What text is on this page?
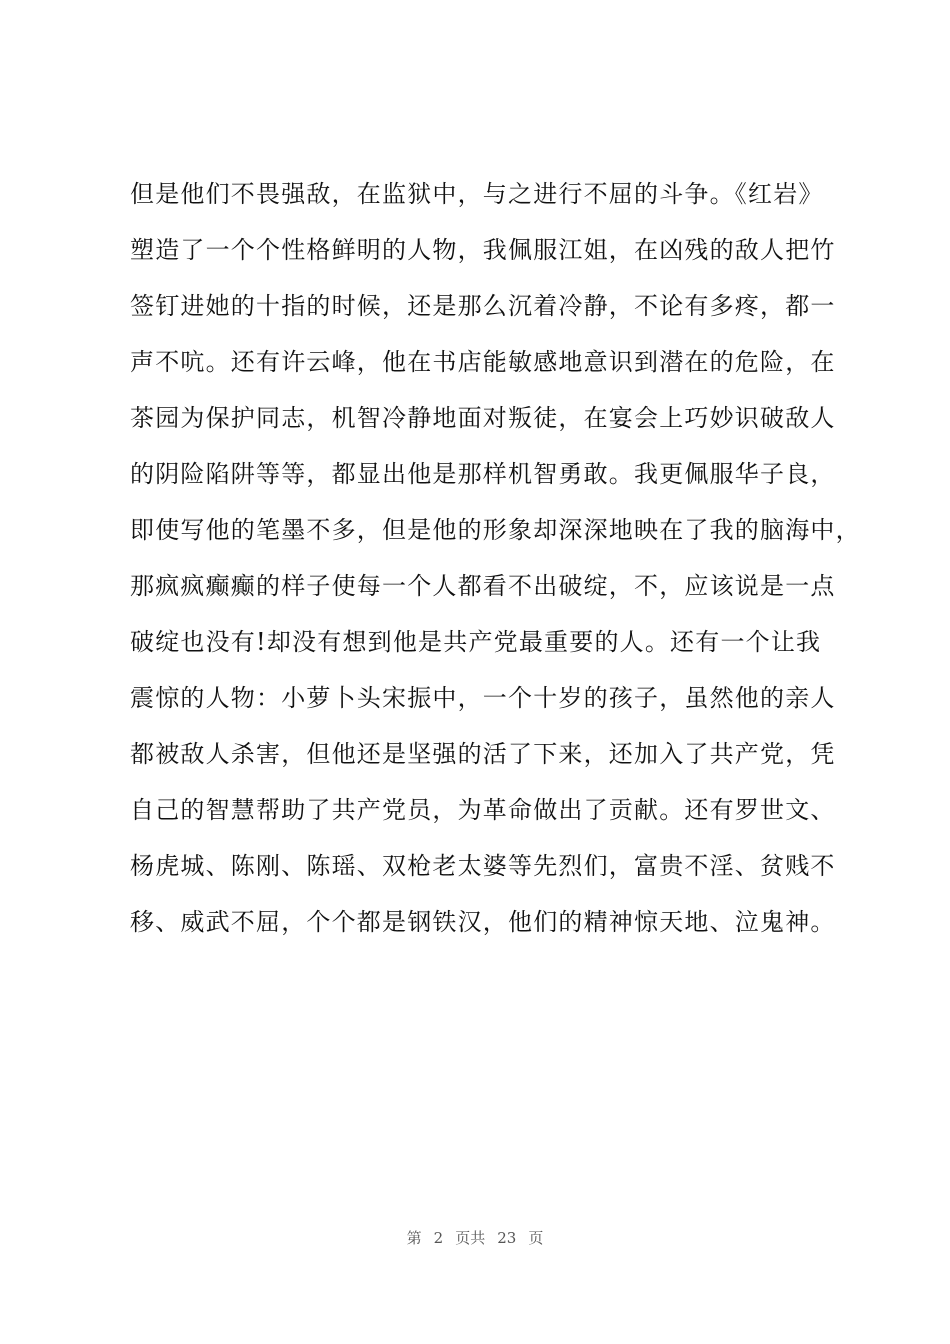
但是他们不畏强敌，在监狱中，与之进行不屈的斗争。《红岩》
塑造了一个个性格鲜明的人物，我佩服江姐，在凶残的敌人把竹
签钉进她的十指的时候，还是那么沉着冷静，不论有多疼，都一
声不吭。还有许云峰，他在书店能敏感地意识到潜在的危险，在
茶园为保护同志，机智冷静地面对叛徒，在宴会上巧妙识破敌人
的阴险陷阱等等，都显出他是那样机智勇敢。我更佩服华子良，
即使写他的笔墨不多，但是他的形象却深深地映在了我的脑海中，
那疯疯癫癫的样子使每一个人都看不出破绽，不，应该说是一点
破绽也没有!却没有想到他是共产党最重要的人。还有一个让我
震惊的人物：小萝卜头宋振中，一个十岁的孩子，虽然他的亲人
都被敌人杀害，但他还是坚强的活了下来，还加入了共产党，凭
自己的智慧帮助了共产党员，为革命做出了贡献。还有罗世文、
杨虎城、陈刚、陈瑶、双枪老太婆等先烈们，富贵不淫、贫贱不
移、威武不屈，个个都是钢铁汉，他们的精神惊天地、泣鬼神。
第 2 页共 23 页
